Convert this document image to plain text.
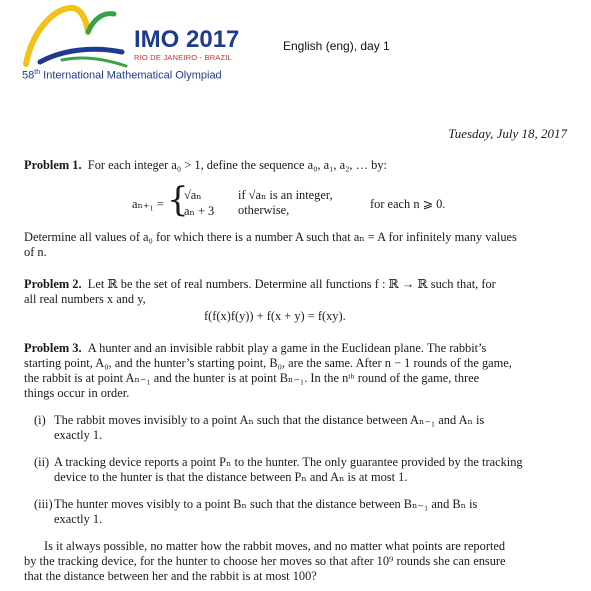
IMO 2017
RIO DE JANEIRO - BRAZIL
58th International Mathematical Olympiad
English (eng), day 1
Tuesday, July 18, 2017
Problem 1. For each integer a₀ > 1, define the sequence a₀, a₁, a₂, … by:
aₙ₊₁ = {
√aₙ	if √aₙ is an integer,
aₙ + 3 otherwise,	for each n ⩾ 0.
Determine all values of a₀ for which there is a number A such that aₙ = A for infinitely many values
of n.
Problem 2. Let ℝ be the set of real numbers. Determine all functions f : ℝ → ℝ such that, for
all real numbers x and y,
f(f(x)f(y)) + f(x + y) = f(xy).
Problem 3. A hunter and an invisible rabbit play a game in the Euclidean plane. The rabbit’s
starting point, A₀, and the hunter’s starting point, B₀, are the same. After n − 1 rounds of the game,
the rabbit is at point Aₙ₋₁ and the hunter is at point Bₙ₋₁. In the nᵗʰ round of the game, three
things occur in order.
(i) The rabbit moves invisibly to a point Aₙ such that the distance between Aₙ₋₁ and Aₙ is
exactly 1.
(ii) A tracking device reports a point Pₙ to the hunter. The only guarantee provided by the tracking
device to the hunter is that the distance between Pₙ and Aₙ is at most 1.
(iii)The hunter moves visibly to a point Bₙ such that the distance between Bₙ₋₁ and Bₙ is
exactly 1.
Is it always possible, no matter how the rabbit moves, and no matter what points are reported
by the tracking device, for the hunter to choose her moves so that after 10⁹ rounds she can ensure
that the distance between her and the rabbit is at most 100?
